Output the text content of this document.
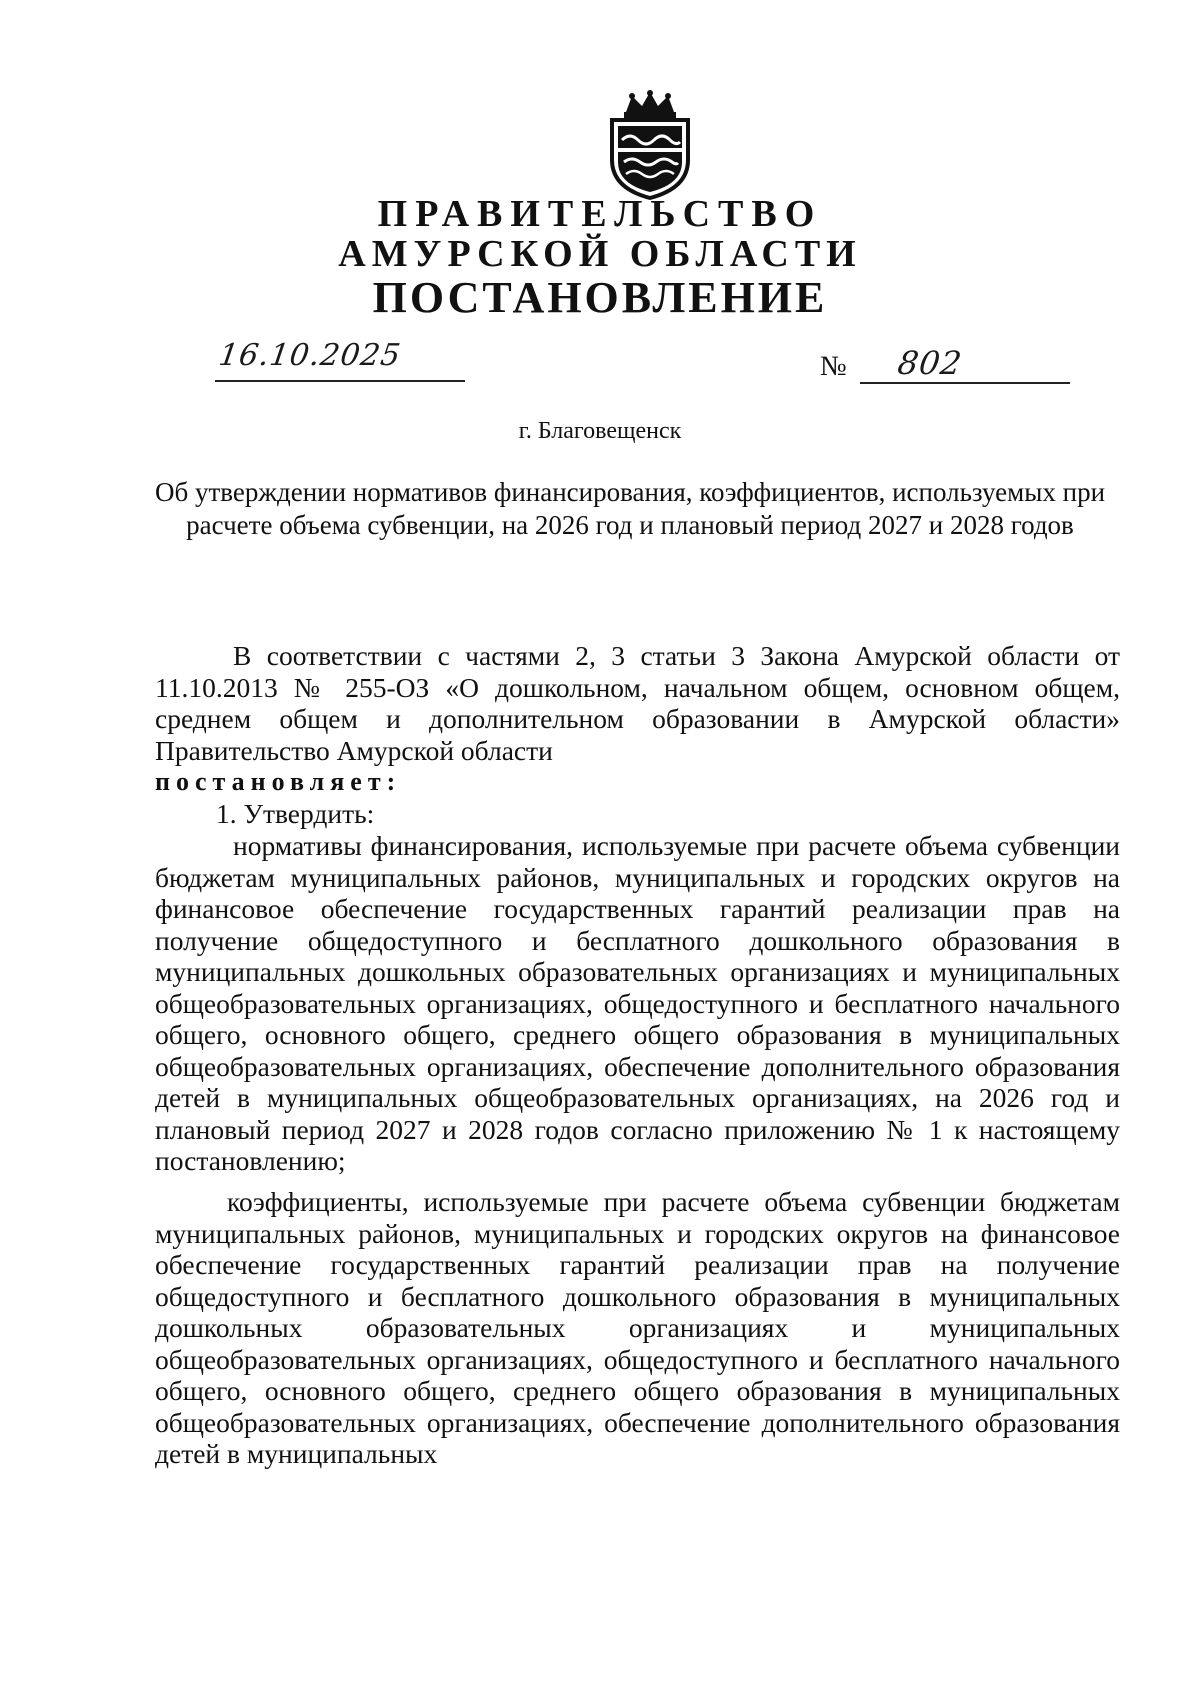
ПРАВИТЕЛЬСТВО
АМУРСКОЙ ОБЛАСТИ
ПОСТАНОВЛЕНИЕ
16.10.2025	№	802
г. Благовещенск
Об утверждении нормативов финансирования, коэффициентов, используемых при расчете объема субвенции, на 2026 год и плановый период 2027 и 2028 годов
В соответствии с частями 2, 3 статьи 3 Закона Амурской области от 11.10.2013 № 255-ОЗ «О дошкольном, начальном общем, основном общем, среднем общем и дополнительном образовании в Амурской области» Правительство Амурской области
постановляет:
1. Утвердить:
нормативы финансирования, используемые при расчете объема субвенции бюджетам муниципальных районов, муниципальных и городских округов на финансовое обеспечение государственных гарантий реализации прав на получение общедоступного и бесплатного дошкольного образования в муниципальных дошкольных образовательных организациях и муниципальных общеобразовательных организациях, общедоступного и бесплатного начального общего, основного общего, среднего общего образования в муниципальных общеобразовательных организациях, обеспечение дополнительного образования детей в муниципальных общеобразовательных организациях, на 2026 год и плановый период 2027 и 2028 годов согласно приложению № 1 к настоящему постановлению;
коэффициенты, используемые при расчете объема субвенции бюджетам муниципальных районов, муниципальных и городских округов на финансовое обеспечение государственных гарантий реализации прав на получение общедоступного и бесплатного дошкольного образования в муниципальных дошкольных образовательных организациях и муниципальных общеобразовательных организациях, общедоступного и бесплатного начального общего, основного общего, среднего общего образования в муниципальных общеобразовательных организациях, обеспечение дополнительного образования детей в муниципальных
